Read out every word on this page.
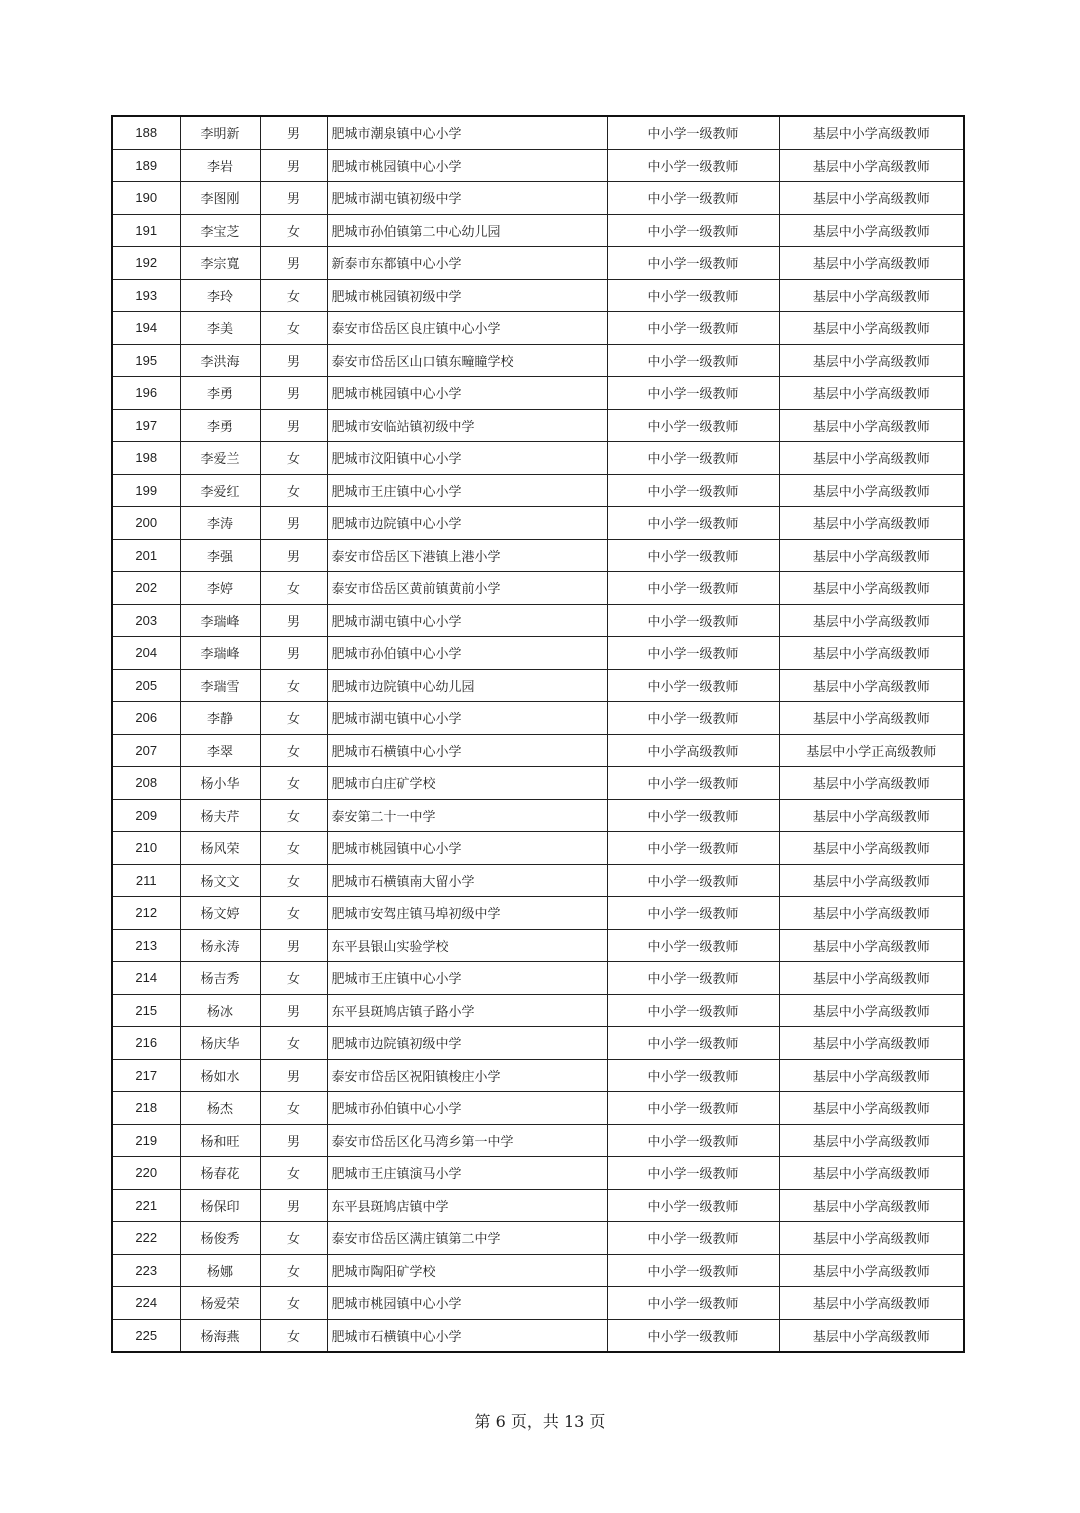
188	李明新	男	肥城市潮泉镇中心小学	中小学一级教师	基层中小学高级教师
189	李岩	男	肥城市桃园镇中心小学	中小学一级教师	基层中小学高级教师
190	李图刚	男	肥城市湖屯镇初级中学	中小学一级教师	基层中小学高级教师
191	李宝芝	女	肥城市孙伯镇第二中心幼儿园	中小学一级教师	基层中小学高级教师
192	李宗寬	男	新泰市东都镇中心小学	中小学一级教师	基层中小学高级教师
193	李玲	女	肥城市桃园镇初级中学	中小学一级教师	基层中小学高级教师
194	李美	女	泰安市岱岳区良庄镇中心小学	中小学一级教师	基层中小学高级教师
195	李洪海	男	泰安市岱岳区山口镇东疃瞳学校	中小学一级教师	基层中小学高级教师
196	李勇	男	肥城市桃园镇中心小学	中小学一级教师	基层中小学高级教师
197	李勇	男	肥城市安临站镇初级中学	中小学一级教师	基层中小学高级教师
198	李爱兰	女	肥城市汶阳镇中心小学	中小学一级教师	基层中小学高级教师
199	李爱红	女	肥城市王庄镇中心小学	中小学一级教师	基层中小学高级教师
200	李涛	男	肥城市边院镇中心小学	中小学一级教师	基层中小学高级教师
201	李强	男	泰安市岱岳区下港镇上港小学	中小学一级教师	基层中小学高级教师
202	李婷	女	泰安市岱岳区黄前镇黄前小学	中小学一级教师	基层中小学高级教师
203	李瑞峰	男	肥城市湖屯镇中心小学	中小学一级教师	基层中小学高级教师
204	李瑞峰	男	肥城市孙伯镇中心小学	中小学一级教师	基层中小学高级教师
205	李瑞雪	女	肥城市边院镇中心幼儿园	中小学一级教师	基层中小学高级教师
206	李静	女	肥城市湖屯镇中心小学	中小学一级教师	基层中小学高级教师
207	李翠	女	肥城市石横镇中心小学	中小学高级教师	基层中小学正高级教师
208	杨小华	女	肥城市白庄矿学校	中小学一级教师	基层中小学高级教师
209	杨夫芹	女	泰安第二十一中学	中小学一级教师	基层中小学高级教师
210	杨风荣	女	肥城市桃园镇中心小学	中小学一级教师	基层中小学高级教师
211	杨文文	女	肥城市石横镇南大留小学	中小学一级教师	基层中小学高级教师
212	杨文婷	女	肥城市安驾庄镇马埠初级中学	中小学一级教师	基层中小学高级教师
213	杨永涛	男	东平县银山实验学校	中小学一级教师	基层中小学高级教师
214	杨吉秀	女	肥城市王庄镇中心小学	中小学一级教师	基层中小学高级教师
215	杨冰	男	东平县斑鸠店镇子路小学	中小学一级教师	基层中小学高级教师
216	杨庆华	女	肥城市边院镇初级中学	中小学一级教师	基层中小学高级教师
217	杨如水	男	泰安市岱岳区祝阳镇梭庄小学	中小学一级教师	基层中小学高级教师
218	杨杰	女	肥城市孙伯镇中心小学	中小学一级教师	基层中小学高级教师
219	杨和旺	男	泰安市岱岳区化马湾乡第一中学	中小学一级教师	基层中小学高级教师
220	杨春花	女	肥城市王庄镇演马小学	中小学一级教师	基层中小学高级教师
221	杨保印	男	东平县斑鸠店镇中学	中小学一级教师	基层中小学高级教师
222	杨俊秀	女	泰安市岱岳区满庄镇第二中学	中小学一级教师	基层中小学高级教师
223	杨娜	女	肥城市陶阳矿学校	中小学一级教师	基层中小学高级教师
224	杨爱荣	女	肥城市桃园镇中心小学	中小学一级教师	基层中小学高级教师
225	杨海燕	女	肥城市石横镇中心小学	中小学一级教师	基层中小学高级教师
第 6 页，共 13 页
